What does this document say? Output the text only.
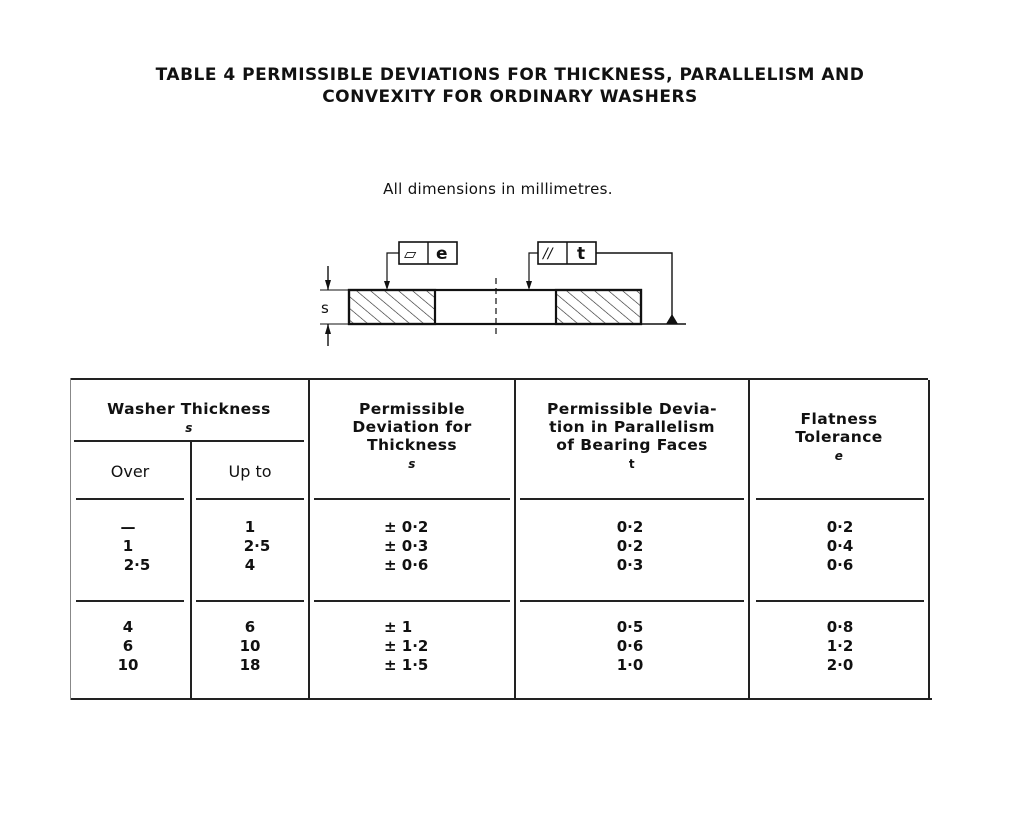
TABLE 4 PERMISSIBLE DEVIATIONS FOR THICKNESS, PARALLELISM AND
CONVEXITY FOR ORDINARY WASHERS
All dimensions in millimetres.
s
▱ e	// t
Washer Thickness
s
Over	Up to
Permissible
Deviation for
Thickness
s
Permissible Devia-
tion in Parallelism
of Bearing Faces
t
Flatness
Tolerance
e
—
1
2·5
1
2·5
4
± 0·2
± 0·3
± 0·6
0·2
0·2
0·3
0·2
0·4
0·6
4
6
10
6
10
18
± 1
± 1·2
± 1·5
0·5
0·6
1·0
0·8
1·2
2·0
